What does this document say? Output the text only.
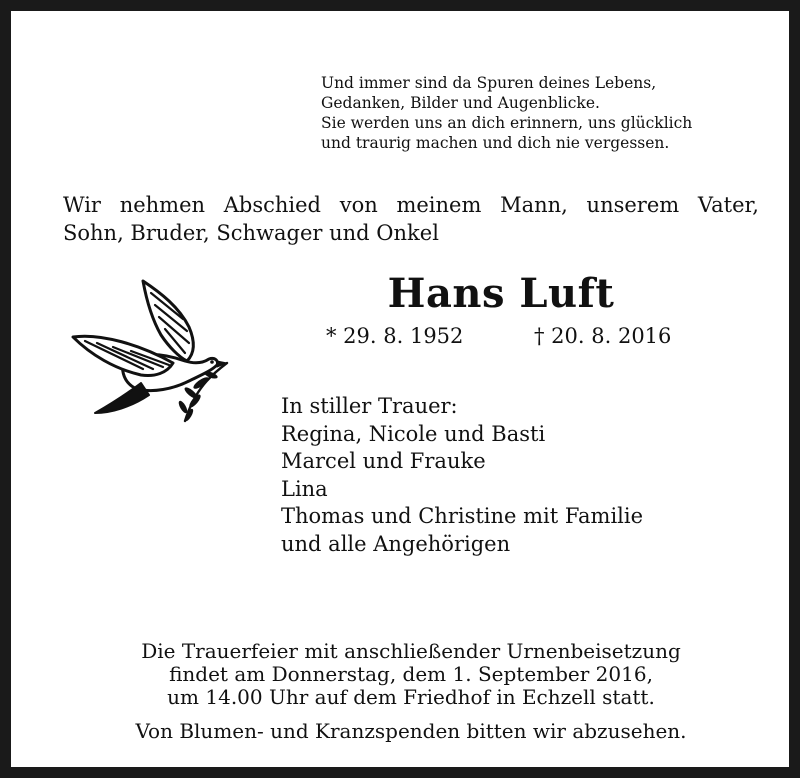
Und immer sind da Spuren deines Lebens,
Gedanken, Bilder und Augenblicke.
Sie werden uns an dich erinnern, uns glücklich
und traurig machen und dich nie vergessen.
Wir nehmen Abschied von meinem Mann, unserem Vater,
Sohn, Bruder, Schwager und Onkel
Hans Luft
* 29. 8. 1952	† 20. 8. 2016
In stiller Trauer:
Regina, Nicole und Basti
Marcel und Frauke
Lina
Thomas und Christine mit Familie
und alle Angehörigen
Die Trauerfeier mit anschließender Urnenbeisetzung
findet am Donnerstag, dem 1. September 2016,
um 14.00 Uhr auf dem Friedhof in Echzell statt.
Von Blumen- und Kranzspenden bitten wir abzusehen.
